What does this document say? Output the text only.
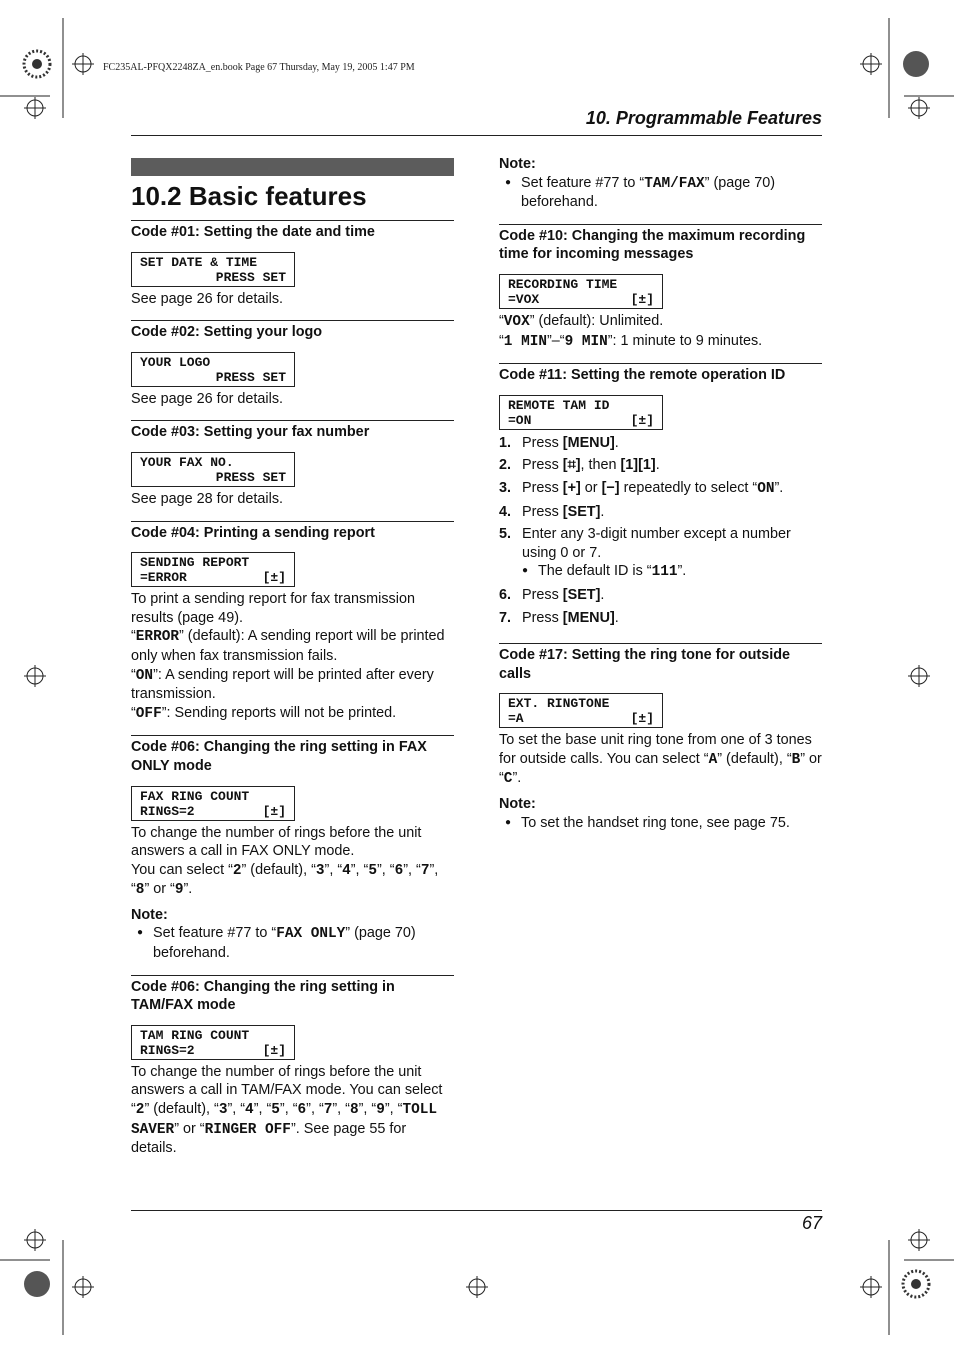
FC235AL-PFQX2248ZA_en.book Page 67 Thursday, May 19, 2005 1:47 PM
10. Programmable Features
10.2 Basic features
Code #01: Setting the date and time
SET DATE & TIME
PRESS SET

See page 26 for details.

Code #02: Setting your logo
YOUR LOGO
PRESS SET

See page 26 for details.

Code #03: Setting your fax number
YOUR FAX NO.
PRESS SET

See page 28 for details.

Code #04: Printing a sending report
SENDING REPORT
=ERROR	[±]

To print a sending report for fax transmission results (page 49).

“ERROR” (default): A sending report will be printed only when fax transmission fails.

“ON”: A sending report will be printed after every transmission.

“OFF”: Sending reports will not be printed.

Code #06: Changing the ring setting in FAX ONLY mode
FAX RING COUNT
RINGS=2	[±]

To change the number of rings before the unit answers a call in FAX ONLY mode.

You can select “2” (default), “3”, “4”, “5”, “6”, “7”, “8” or “9”.

Note:

● Set feature #77 to “FAX ONLY” (page 70) beforehand.
Code #06: Changing the ring setting in TAM/FAX mode
TAM RING COUNT
RINGS=2	[±]

To change the number of rings before the unit answers a call in TAM/FAX mode. You can select “2” (default), “3”, “4”, “5”, “6”, “7”, “8”, “9”, “TOLL SAVER” or “RINGER OFF”. See page 55 for details.

Note:

● Set feature #77 to “TAM/FAX” (page 70) beforehand.
Code #10: Changing the maximum recording time for incoming messages
RECORDING TIME
=VOX	[±]

“VOX” (default): Unlimited.

“1 MIN”–“9 MIN”: 1 minute to 9 minutes.

Code #11: Setting the remote operation ID
REMOTE TAM ID
=ON	[±]
1. Press [MENU].
2. Press [⌗], then [1][1].
3. Press [+] or [−] repeatedly to select “ON”.
4. Press [SET].
5. Enter any 3-digit number except a number using 0 or 7.
● The default ID is “111”.
6. Press [SET].
7. Press [MENU].
Code #17: Setting the ring tone for outside calls
EXT. RINGTONE
=A	[±]

To set the base unit ring tone from one of 3 tones for outside calls. You can select “A” (default), “B” or “C”.

Note:

● To set the handset ring tone, see page 75.
67
